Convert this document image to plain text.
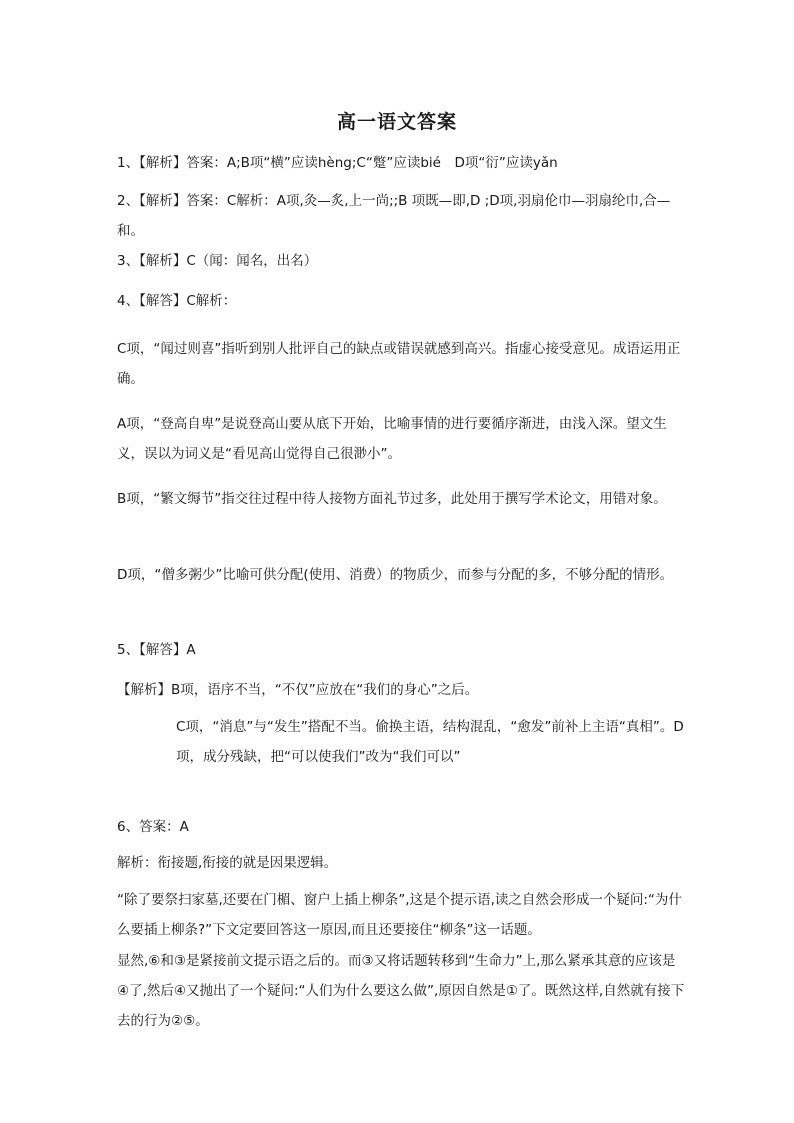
高一语文答案

1、【解析】答案：A;B项“横”应读hèng;C“蹩”应读bié　D项“衍”应读yǎn

2、【解析】答案：C解析：A项,灸—炙,上一尚;;B 项既—即,D ;D项,羽扇伦巾—羽扇纶巾,合—和。

3、【解析】C（闻：闻名，出名）

4、【解答】C解析：

C项，“闻过则喜”指听到别人批评自己的缺点或错误就感到高兴。指虚心接受意见。成语运用正确。

A项，“登高自卑”是说登高山要从底下开始，比喻事情的进行要循序渐进，由浅入深。望文生义，误以为词义是“看见高山觉得自己很渺小”。

B项，“繁文缛节”指交往过程中待人接物方面礼节过多，此处用于撰写学术论文，用错对象。

D项，“僧多粥少”比喻可供分配(使用、消费）的物质少，而参与分配的多，不够分配的情形。

5、【解答】A

【解析】B项，语序不当，“不仅”应放在“我们的身心”之后。

C项，“消息”与“发生”搭配不当。偷换主语，结构混乱，“愈发”前补上主语“真相”。D项，成分残缺，把“可以使我们”改为“我们可以”

6、答案：A

解析：衔接题,衔接的就是因果逻辑。

“除了要祭扫家墓,还要在门楣、窗户上插上柳条”,这是个提示语,读之自然会形成一个疑问:“为什么要插上柳条?”下文定要回答这一原因,而且还要接住“柳条”这一话题。

显然,⑥和③是紧接前文提示语之后的。而③又将话题转移到“生命力”上,那么紧承其意的应该是④了,然后④又抛出了一个疑问:“人们为什么要这么做”,原因自然是①了。既然这样,自然就有接下去的行为②⑤。
